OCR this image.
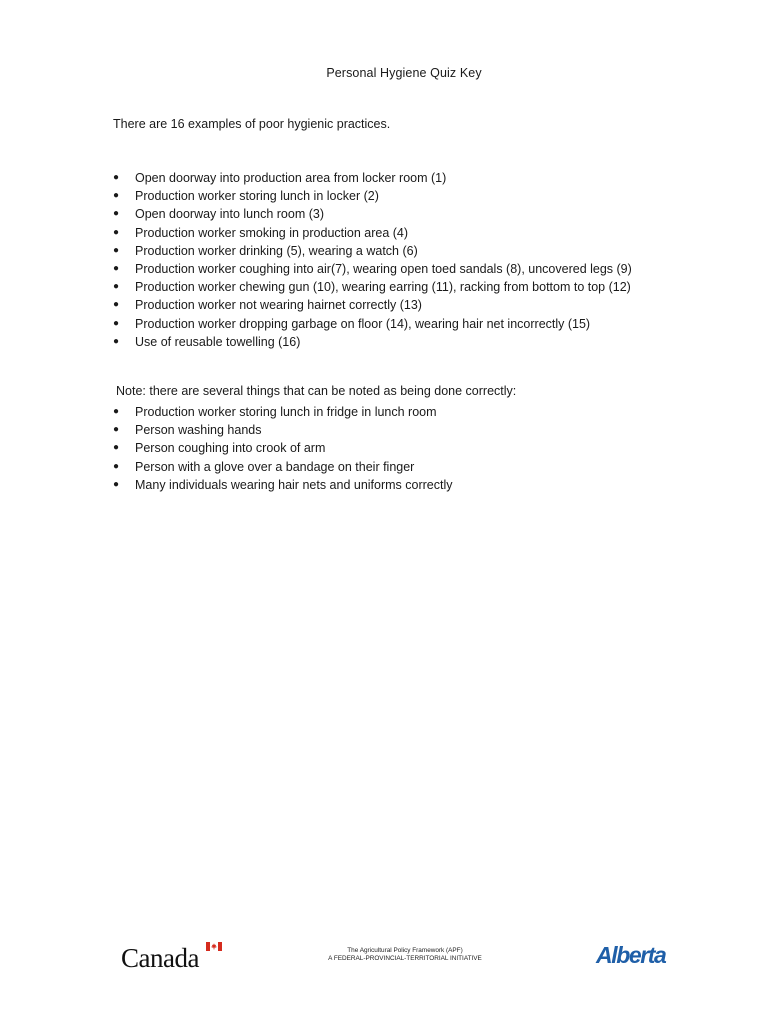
Personal Hygiene Quiz Key
There are 16 examples of poor hygienic practices.
● Open doorway into production area from locker room (1)
● Production worker storing lunch in locker (2)
● Open doorway into lunch room (3)
● Production worker smoking in production area (4)
● Production worker drinking (5), wearing a watch (6)
● Production worker coughing into air(7), wearing open toed sandals (8), uncovered legs (9)
● Production worker chewing gun (10), wearing earring (11), racking from bottom to top (12)
● Production worker not wearing hairnet correctly (13)
● Production worker dropping garbage on floor (14), wearing hair net incorrectly (15)
● Use of reusable towelling (16)
Note: there are several things that can be noted as being done correctly:
● Production worker storing lunch in fridge in lunch room
● Person washing hands
● Person coughing into crook of arm
● Person with a glove over a bandage on their finger
● Many individuals wearing hair nets and uniforms correctly
Canada	The Agricultural Policy Framework (APF)
A FEDERAL-PROVINCIAL-TERRITORIAL INITIATIVE	Alberta
